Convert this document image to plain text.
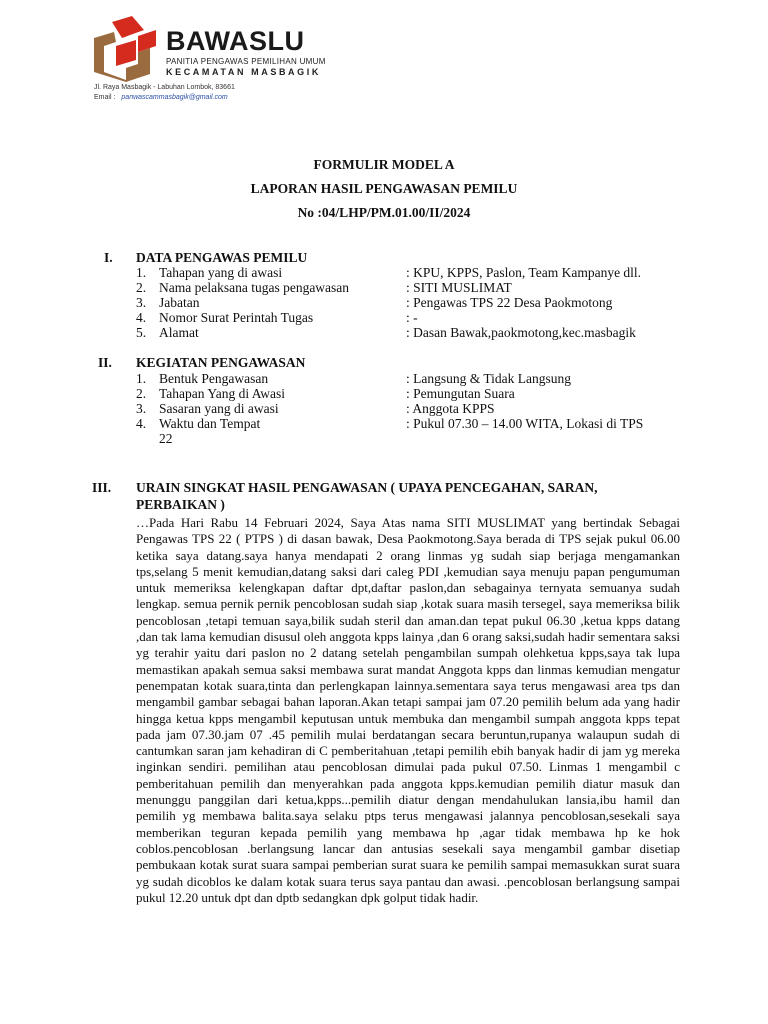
BAWASLU
PANITIA PENGAWAS PEMILIHAN UMUM
KECAMATAN MASBAGIK
Jl. Raya Masbagik - Labuhan Lombok, 83661
Email : panwascammasbagik@gmail.com
FORMULIR MODEL A
LAPORAN HASIL PENGAWASAN PEMILU
No :04/LHP/PM.01.00/II/2024
I. DATA PENGAWAS PEMILU
1. Tahapan yang di awasi	: KPU, KPPS, Paslon, Team Kampanye dll.
2. Nama pelaksana tugas pengawasan	: SITI MUSLIMAT
3. Jabatan	: Pengawas TPS 22 Desa Paokmotong
4. Nomor Surat Perintah Tugas	: -
5. Alamat	: Dasan Bawak,paokmotong,kec.masbagik
II. KEGIATAN PENGAWASAN
1. Bentuk Pengawasan	: Langsung & Tidak Langsung
2. Tahapan Yang di Awasi	: Pemungutan Suara
3. Sasaran yang di awasi	: Anggota KPPS
4. Waktu dan Tempat	: Pukul 07.30 – 14.00 WITA, Lokasi di TPS
22
III. URAIN SINGKAT HASIL PENGAWASAN ( UPAYA PENCEGAHAN, SARAN, PERBAIKAN )
…Pada Hari Rabu 14 Februari 2024, Saya Atas nama SITI MUSLIMAT yang bertindak Sebagai Pengawas TPS 22 ( PTPS ) di dasan bawak, Desa Paokmotong.Saya berada di TPS sejak pukul 06.00 ketika saya datang.saya hanya mendapati 2 orang linmas yg sudah siap berjaga mengamankan tps,selang 5 menit kemudian,datang saksi dari caleg PDI ,kemudian saya menuju papan pengumuman untuk memeriksa kelengkapan daftar dpt,daftar paslon,dan sebagainya ternyata semuanya sudah lengkap. semua pernik pernik pencoblosan sudah siap ,kotak suara masih tersegel, saya memeriksa bilik pencoblosan ,tetapi temuan saya,bilik sudah steril dan aman.dan tepat pukul 06.30 ,ketua kpps datang ,dan tak lama kemudian disusul oleh anggota kpps lainya ,dan 6 orang saksi,sudah hadir sementara saksi yg terahir yaitu dari paslon no 2 datang setelah pengambilan sumpah olehketua kpps,saya tak lupa memastikan apakah semua saksi membawa surat mandat Anggota kpps dan linmas kemudian mengatur penempatan kotak suara,tinta dan perlengkapan lainnya.sementara saya terus mengawasi area tps dan mengambil gambar sebagai bahan laporan.Akan tetapi sampai jam 07.20 pemilih belum ada yang hadir hingga ketua kpps mengambil keputusan untuk membuka dan mengambil sumpah anggota kpps tepat pada jam 07.30.jam 07 .45 pemilih mulai berdatangan secara beruntun,rupanya walaupun sudah di cantumkan saran jam kehadiran di C pemberitahuan ,tetapi pemilih ebih banyak hadir di jam yg mereka inginkan sendiri. pemilihan atau pencoblosan dimulai pada pukul 07.50. Linmas 1 mengambil c pemberitahuan pemilih dan menyerahkan pada anggota kpps.kemudian pemilih diatur masuk dan menunggu panggilan dari ketua,kpps...pemilih diatur dengan mendahulukan lansia,ibu hamil dan pemilih yg membawa balita.saya selaku ptps terus mengawasi jalannya pencoblosan,sesekali saya memberikan teguran kepada pemilih yang membawa hp ,agar tidak membawa hp ke hok coblos.pencoblosan .berlangsung lancar dan antusias sesekali saya mengambil gambar disetiap pembukaan kotak surat suara sampai pemberian surat suara ke pemilih sampai memasukkan surat suara yg sudah dicoblos ke dalam kotak suara terus saya pantau dan awasi. .pencoblosan berlangsung sampai pukul 12.20 untuk dpt dan dptb sedangkan dpk golput tidak hadir.
